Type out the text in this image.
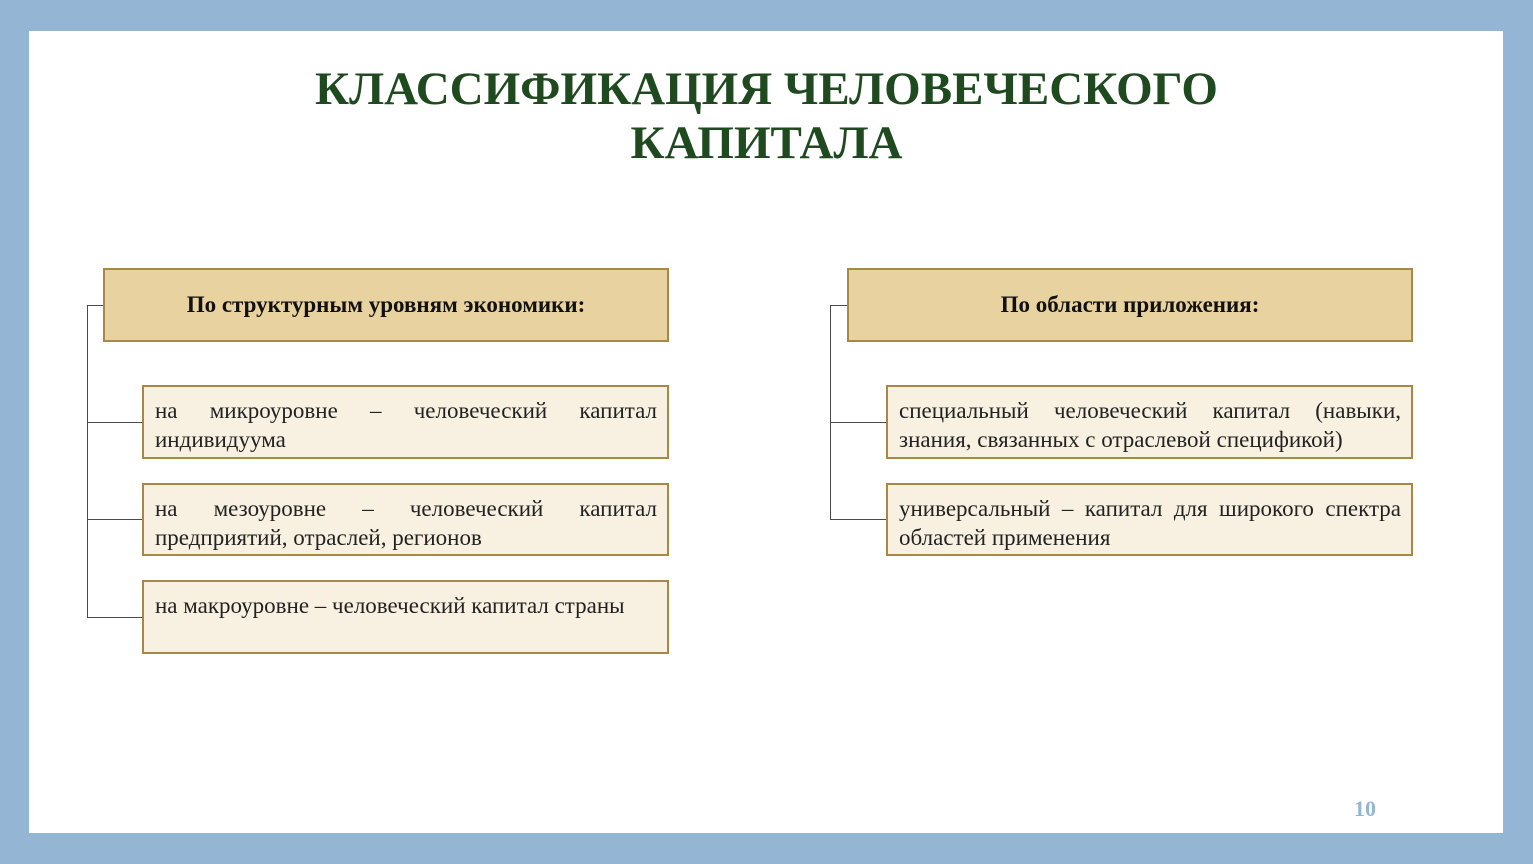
КЛАССИФИКАЦИЯ ЧЕЛОВЕЧЕСКОГО
КАПИТАЛА
По структурным уровням экономики:
на микроуровне – человеческий капитал индивидуума
на мезоуровне – человеческий капитал предприятий, отраслей, регионов
на макроуровне – человеческий капитал страны
По области приложения:
специальный человеческий капитал (навыки, знания, связанных с отраслевой спецификой)
универсальный – капитал для широкого спектра областей применения
10
